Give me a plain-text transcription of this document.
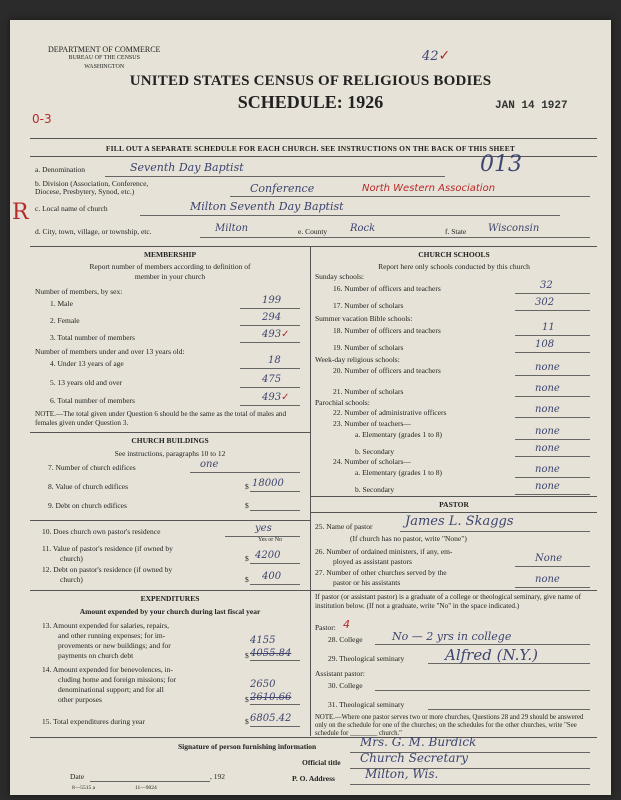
DEPARTMENT OF COMMERCE
BUREAU OF THE CENSUS
WASHINGTON
42✓
UNITED STATES CENSUS OF RELIGIOUS BODIES
SCHEDULE: 1926	JAN 14 1927
0-3
FILL OUT A SEPARATE SCHEDULE FOR EACH CHURCH. SEE INSTRUCTIONS ON THE BACK OF THIS SHEET
a. Denomination	Seventh Day Baptist	013
b. Division (Association, Conference,
Diocese, Presbytery, Synod, etc.)	Conference	North Western Association
c. Local name of church	Milton Seventh Day Baptist
R
d. City, town, village, or township, etc.	Milton	e. County Rock	f. State Wisconsin
MEMBERSHIP
Report number of members according to definition of
member in your church
Number of members, by sex:
1. Male	199
2. Female	294
3. Total number of members	493✓
Number of members under and over 13 years old:
4. Under 13 years of age	18
5. 13 years old and over	475
6. Total number of members	493✓
NOTE.—The total given under Question 6 should be the same as the total of males and females given under Question 3.
CHURCH BUILDINGS
See instructions, paragraphs 10 to 12
7. Number of church edifices	one
8. Value of church edifices	$ 18000
9. Debt on church edifices	$
10. Does church own pastor's residence	yes
Yes or No
11. Value of pastor's residence (if owned by
church)	$ 4200
12. Debt on pastor's residence (if owned by
church)	$ 400
EXPENDITURES
Amount expended by your church during last fiscal year
13. Amount expended for salaries, repairs,
and other running expenses; for im-
provements or new buildings; and for
payments on church debt	$
4155
4055.84
14. Amount expended for benevolences, in-
cluding home and foreign missions; for
denominational support; and for all
other purposes	$
2650
2610.66
15. Total expenditures during year	$ 6805.42
CHURCH SCHOOLS
Report here only schools conducted by this church
Sunday schools:
16. Number of officers and teachers	32
17. Number of scholars	302
Summer vacation Bible schools:
18. Number of officers and teachers	11
19. Number of scholars	108
Week-day religious schools:
20. Number of officers and teachers	none
21. Number of scholars	none
Parochial schools:
22. Number of administrative officers	none
23. Number of teachers—
a. Elementary (grades 1 to 8)	none
b. Secondary	none
24. Number of scholars—
a. Elementary (grades 1 to 8)	none
b. Secondary	none
PASTOR
25. Name of pastor	James L. Skaggs
(If church has no pastor, write "None")
26. Number of ordained ministers, if any, em-
ployed as assistant pastors	None
27. Number of other churches served by the
pastor or his assistants	none
If pastor (or assistant pastor) is a graduate of a college or theological seminary, give name of institution below. (If not a graduate, write "No" in the space indicated.)
Pastor: 4
28. College	No — 2 yrs in college
29. Theological seminary	Alfred (N.Y.)
Assistant pastor:
30. College
31. Theological seminary
NOTE.—Where one pastor serves two or more churches, Questions 28 and 29 should be answered only on the schedule for one of the churches; on the schedules for the other churches, write "See schedule for ________ church."
Signature of person furnishing information	Mrs. G. M. Burdick
Official title Church Secretary
Date	, 192	P. O. Address	Milton, Wis.
8—5515 a	11—9024
